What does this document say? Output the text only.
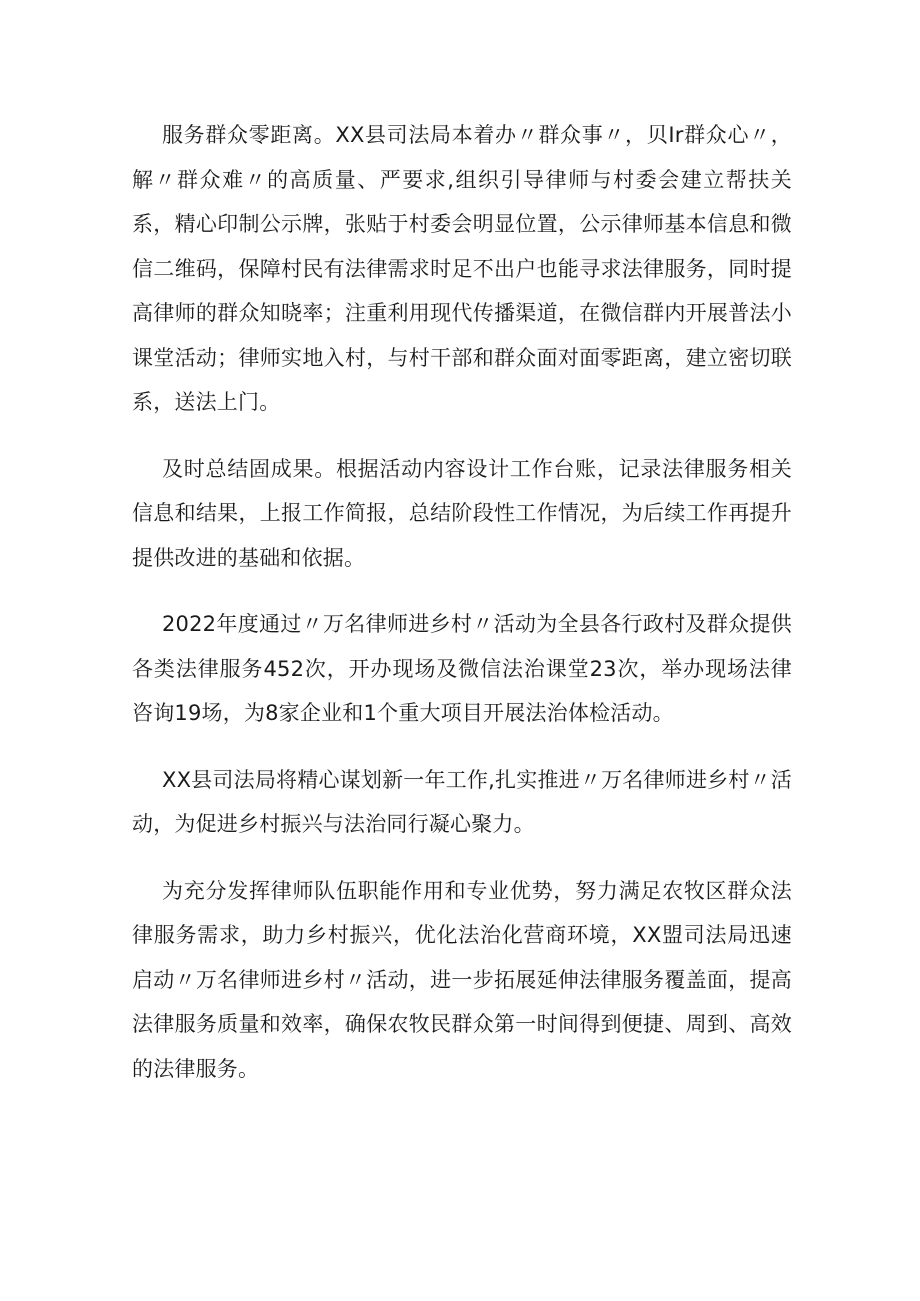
服务群众零距离。XX县司法局本着办〃群众事〃，贝Ir群众心〃，解〃群众难〃的高质量、严要求,组织引导律师与村委会建立帮扶关系，精心印制公示牌，张贴于村委会明显位置，公示律师基本信息和微信二维码，保障村民有法律需求时足不出户也能寻求法律服务，同时提高律师的群众知晓率；注重利用现代传播渠道，在微信群内开展普法小课堂活动；律师实地入村，与村干部和群众面对面零距离，建立密切联系，送法上门。

及时总结固成果。根据活动内容设计工作台账，记录法律服务相关信息和结果，上报工作简报，总结阶段性工作情况，为后续工作再提升提供改进的基础和依据。

2022年度通过〃万名律师进乡村〃活动为全县各行政村及群众提供各类法律服务452次，开办现场及微信法治课堂23次，举办现场法律咨询19场，为8家企业和1个重大项目开展法治体检活动。

XX县司法局将精心谋划新一年工作,扎实推进〃万名律师进乡村〃活动，为促进乡村振兴与法治同行凝心聚力。

为充分发挥律师队伍职能作用和专业优势，努力满足农牧区群众法律服务需求，助力乡村振兴，优化法治化营商环境，XX盟司法局迅速启动〃万名律师进乡村〃活动，进一步拓展延伸法律服务覆盖面，提高法律服务质量和效率，确保农牧民群众第一时间得到便捷、周到、高效的法律服务。
